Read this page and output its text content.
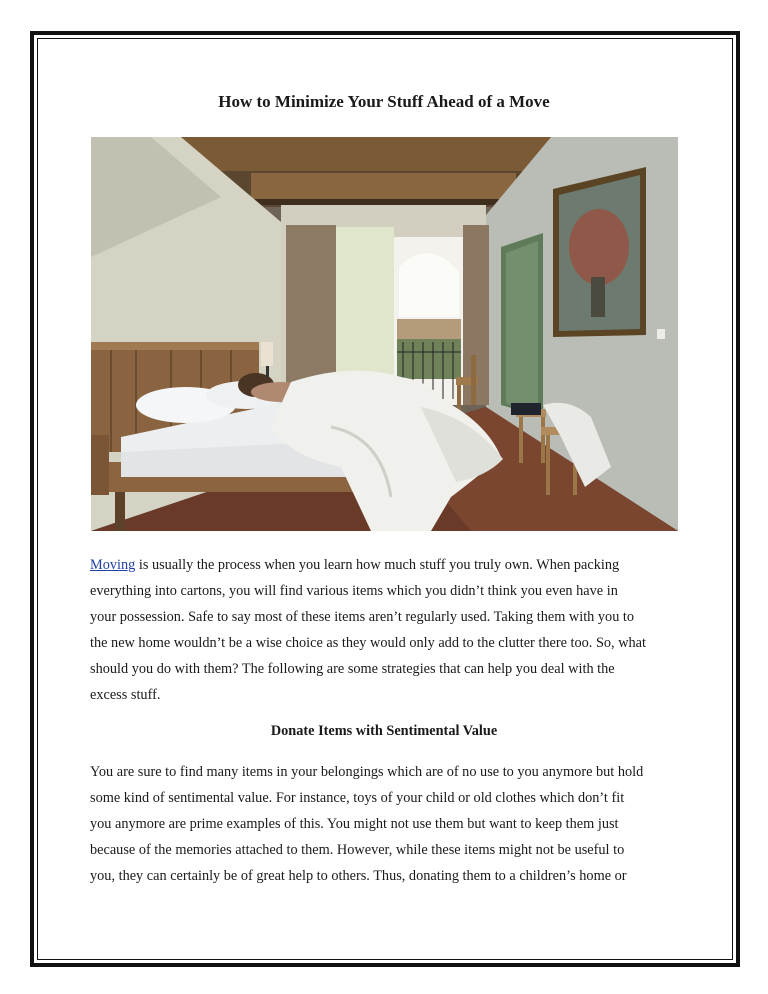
How to Minimize Your Stuff Ahead of a Move

Moving is usually the process when you learn how much stuff you truly own. When packing
everything into cartons, you will find various items which you didn’t think you even have in
your possession. Safe to say most of these items aren’t regularly used. Taking them with you to
the new home wouldn’t be a wise choice as they would only add to the clutter there too. So, what
should you do with them? The following are some strategies that can help you deal with the
excess stuff.

Donate Items with Sentimental Value

You are sure to find many items in your belongings which are of no use to you anymore but hold
some kind of sentimental value. For instance, toys of your child or old clothes which don’t fit
you anymore are prime examples of this. You might not use them but want to keep them just
because of the memories attached to them. However, while these items might not be useful to
you, they can certainly be of great help to others. Thus, donating them to a children’s home or
